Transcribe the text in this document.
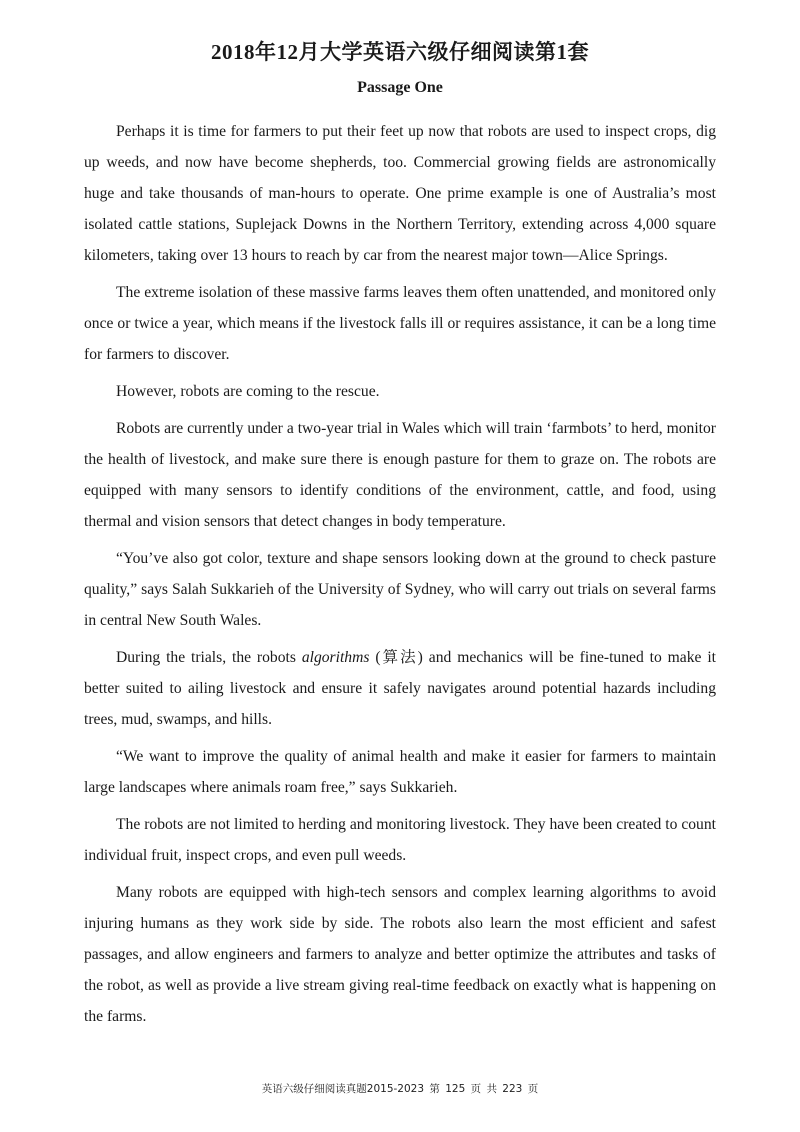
2018年12月大学英语六级仔细阅读第1套
Passage One

Perhaps it is time for farmers to put their feet up now that robots are used to inspect crops, dig up weeds, and now have become shepherds, too. Commercial growing fields are astronomically huge and take thousands of man-hours to operate. One prime example is one of Australia’s most isolated cattle stations, Suplejack Downs in the Northern Territory, extending across 4,000 square kilometers, taking over 13 hours to reach by car from the nearest major town—Alice Springs.

The extreme isolation of these massive farms leaves them often unattended, and monitored only once or twice a year, which means if the livestock falls ill or requires assistance, it can be a long time for farmers to discover.

However, robots are coming to the rescue.

Robots are currently under a two-year trial in Wales which will train ‘farmbots’ to herd, monitor the health of livestock, and make sure there is enough pasture for them to graze on. The robots are equipped with many sensors to identify conditions of the environment, cattle, and food, using thermal and vision sensors that detect changes in body temperature.

“You’ve also got color, texture and shape sensors looking down at the ground to check pasture quality,” says Salah Sukkarieh of the University of Sydney, who will carry out trials on several farms in central New South Wales.

During the trials, the robots algorithms (算法) and mechanics will be fine-tuned to make it better suited to ailing livestock and ensure it safely navigates around potential hazards including trees, mud, swamps, and hills.

“We want to improve the quality of animal health and make it easier for farmers to maintain large landscapes where animals roam free,” says Sukkarieh.

The robots are not limited to herding and monitoring livestock. They have been created to count individual fruit, inspect crops, and even pull weeds.

Many robots are equipped with high-tech sensors and complex learning algorithms to avoid injuring humans as they work side by side. The robots also learn the most efficient and safest passages, and allow engineers and farmers to analyze and better optimize the attributes and tasks of the robot, as well as provide a live stream giving real-time feedback on exactly what is happening on the farms.

英语六级仔细阅读真题2015-2023 第 125 页 共 223 页
